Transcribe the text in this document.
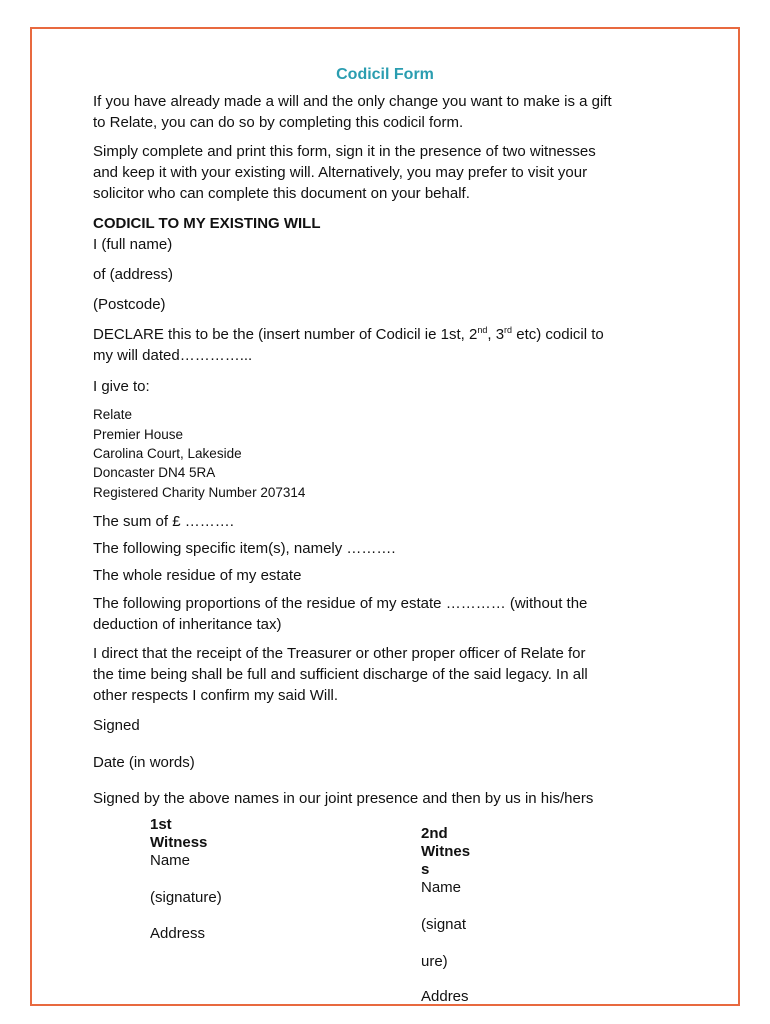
Codicil Form
If you have already made a will and the only change you want to make is a gift
to Relate, you can do so by completing this codicil form.
Simply complete and print this form, sign it in the presence of two witnesses
and keep it with your existing will. Alternatively, you may prefer to visit your
solicitor who can complete this document on your behalf.
CODICIL TO MY EXISTING WILL
I (full name)
of (address)
(Postcode)
DECLARE this to be the (insert number of Codicil ie 1st, 2nd, 3rd etc) codicil to
my will dated…………...
I give to:
Relate
Premier House
Carolina Court, Lakeside
Doncaster DN4 5RA
Registered Charity Number 207314
The sum of £ ……….
The following specific item(s), namely ……….
The whole residue of my estate
The following proportions of the residue of my estate ………… (without the
deduction of inheritance tax)
I direct that the receipt of the Treasurer or other proper officer of Relate for
the time being shall be full and sufficient discharge of the said legacy. In all
other respects I confirm my said Will.
Signed
Date (in words)
Signed by the above names in our joint presence and then by us in his/hers
1st
Witness
Name
(signature)
Address
2nd
Witnes
s
Name
(signat
ure)
Addres
